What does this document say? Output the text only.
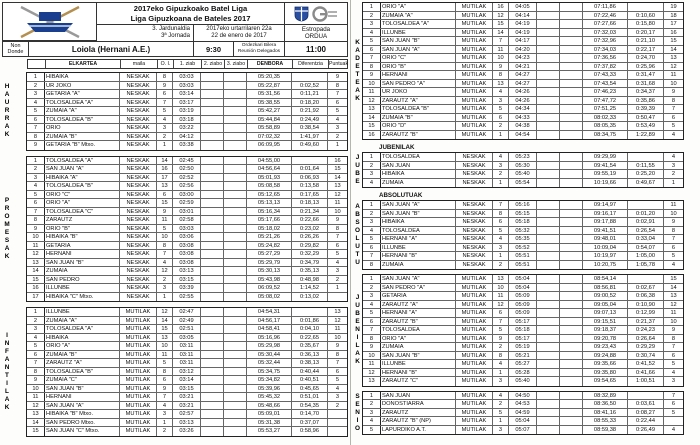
2017eko Gipuzkoako Batel Liga
Liga Gipuzkoana de Bateles 2017
3. Jardunaldia
3ª Jornada
2017eko urtarrilaren 22a
22 de enero de 2017
Estropada
ORDUA
Non
Donde	Loiola (Hernani A.E.)	9:30	Ordezkari Bilera
Reunión Delegados	11:00
ELKARTEA	maila	O. I.	1. ziab	2. ziabo 3. ziabo	DENBORA	Diferentzia	Puntuak
H
A
U
R
R
A
K
1	HIBAIKA	NESKAK	8	03:03	05:20,35	9
2	UR JOKO	NESKAK	9	03:03	05:22,87	0:02,52	8
3	GETARIA "A"	NESKAK	6	03:14	05:31,56	0:11,21	7
4	TOLOSALDEA "A"	NESKAK	7	03:17	05:38,55	0:18,20	6
5	ZUMAIA "A"	NESKAK	5	03:19	05:42,27	0:21,92	5
6	TOLOSALDEA "B"	NESKAK	4	03:18	05:44,84	0:24,49	4
7	ORIO	NESKAK	3	03:22	05:58,89	0:38,54	3
8	ZUMAIA "B"	NESKAK	2	04:12	07:02,32	1:41,97	2
9	GETARIA "B" Mtxo.	NESKAK	1	03:38	06:09,95	0:49,60	1
P
R
O
M
E
S
A
K
1	TOLOSALDEA "A"	NESKAK	14	02:45	04:55,00	16
2	SAN JUAN "A"	NESKAK	16	02:50	04:56,64	0:01,64	15
3	HIBAIKA "A"	NESKAK	17	02:52	05:01,93	0:06,93	14
4	TOLOSALDEA "B"	NESKAK	13	02:56	05:08,58	0:13,58	13
5	ORIO "C"	NESKAK	6	03:00	05:12,65	0:17,65	12
6	ORIO "A"	NESKAK	15	02:59	05:13,13	0:18,13	11
7	TOLOSALDEA "C"	NESKAK	9	03:01	05:16,34	0:21,34	10
8	ZARAUTZ	NESKAK	11	02:58	05:17,66	0:22,66	9
9	ORIO "B"	NESKAK	5	03:03	05:18,02	0:23,02	8
10	HIBAIKA "B"	NESKAK	10	03:06	05:21,26	0:26,26	7
11	GETARIA	NESKAK	8	03:08	05:24,82	0:29,82	6
12	HERNANI	NESKAK	7	03:08	05:27,29	0:32,29	5
13	SAN JUAN "B"	NESKAK	4	03:08	05:29,79	0:34,79	4
14	ZUMAIA	NESKAK	12	03:13	05:30,13	0:35,13	3
15	SAN PEDRO	NESKAK	2	03:15	05:43,98	0:48,98	2
16	ILLUNBE	NESKAK	3	03:39	06:09,52	1:14,52	1
17	HIBAIKA "C" Mtxo.	NESKAK	1	02:55	05:08,02	0:13,02
I
N
F
A
N
T
I
L
A
K
1	ILLUNBE	MUTILAK	12	02:47	04:54,31	13
2	ZUMAIA "A"	MUTILAK	14	02:49	04:56,17	0:01,86	12
3	TOLOSALDEA "A"	MUTILAK	15	02:51	04:58,41	0:04,10	11
4	HIBAIKA	MUTILAK	13	03:05	05:16,96	0:22,65	10
5	ORIO "A"	MUTILAK	10	03:11	05:29,98	0:35,67	9
6	ZUMAIA "B"	MUTILAK	11	03:11	05:30,44	0:36,13	8
7	ZARAUTZ "A"	MUTILAK	5	03:11	05:32,44	0:38,13	7
8	TOLOSALDEA "B"	MUTILAK	8	03:12	05:34,75	0:40,44	6
9	ZUMAIA "C"	MUTILAK	6	03:14	05:34,82	0:40,51	5
10	SAN JUAN "B"	MUTILAK	9	03:15	05:39,96	0:45,65	4
11	HERNANI	MUTILAK	7	03:21	05:45,32	0:51,01	3
12	SAN JUAN "A"	MUTILAK	4	03:21	05:48,66	0:54,35	2
13	HIBAIKA "B" Mtxo.	MUTILAK	3	02:57	05:09,01	0:14,70
14	SAN PEDRO Mtxo.	MUTILAK	1	03:13	05:31,38	0:37,07
15	SAN JUAN "C" Mtxo.	MUTILAK	2	03:26	05:53,27	0:58,96
K
A
D
E
T
E
A
K
1	ORIO "A"	MUTILAK	16	04:05	07:11,86	19
2	ZUMAIA "A"	MUTILAK	12	04:14	07:22,46	0:10,60	18
3	TOLOSALDEA "A"	MUTILAK	15	04:19	07:27,66	0:15,80	17
4	ILLUNBE	MUTILAK	14	04:19	07:32,03	0:20,17	16
5	SAN JUAN "B"	MUTILAK	7	04:17	07:32,96	0:21,10	15
6	SAN JUAN "A"	MUTILAK	11	04:20	07:34,03	0:22,17	14
7	ORIO "C"	MUTILAK	10	04:23	07:36,56	0:24,70	13
8	ORIO "B"	MUTILAK	9	04:21	07:37,82	0:25,96	12
9	HERNANI	MUTILAK	8	04:27	07:43,33	0:31,47	11
10	SAN PEDRO "A"	MUTILAK	13	04:27	07:43,54	0:31,68	10
11	UR JOKO	MUTILAK	4	04:26	07:46,23	0:34,37	9
12	ZARAUTZ "A"	MUTILAK	3	04:26	07:47,72	0:35,86	8
13	TOLOSALDEA "B"	MUTILAK	5	04:34	07:51,25	0:39,39	7
14	ZUMAIA "B"	MUTILAK	6	04:33	08:02,33	0:50,47	6
15	ORIO "D"	MUTILAK	2	04:38	08:05,35	0:53,49	5
16	ZARAUTZ "B"	MUTILAK	1	04:54	08:34,75	1:22,89	4
JUBENILAK
J
U
B
E
1	TOLOSALDEA	NESKAK	4	05:23	09:29,99	4
2	SAN JUAN	NESKAK	3	05:30	09:41,54	0:11,55	3
3	HIBAIKA	NESKAK	2	05:40	09:55,19	0:25,20	2
4	ZUMAIA	NESKAK	1	05:54	10:19,66	0:49,67	1
ABSOLUTUAK
A
B
S
O
L
U
T
U
1	SAN JUAN "A"	NESKAK	7	05:16	09:14,97	11
2	SAN JUAN "B"	NESKAK	8	05:15	09:16,17	0:01,20	10
3	HIBAIKA	NESKAK	6	05:18	09:17,88	0:02,91	9
4	TOLOSALDEA	NESKAK	5	05:32	09:41,51	0:26,54	8
5	HERNANI "A"	NESKAK	4	05:35	09:48,01	0:33,04	7
6	ILLUNBE	NESKAK	3	05:52	10:09,04	0:54,07	6
7	HERNANI "B"	NESKAK	1	05:51	10:19,97	1:05,00	5
8	ZUMAIA	NESKAK	2	05:51	10:20,75	1:05,78	4
J
U
B
E
N
I
L
A
K
1	SAN JUAN "A"	MUTILAK	13	05:04	08:54,14	15
2	SAN PEDRO "A"	MUTILAK	10	05:04	08:56,81	0:02,67	14
3	GETARIA	MUTILAK	11	05:09	09:00,52	0:06,38	13
4	ZARAUTZ "A"	MUTILAK	12	05:09	09:05,04	0:10,90	12
5	HERNANI "A"	MUTILAK	6	05:09	09:07,13	0:12,99	11
6	ZARAUTZ "B"	MUTILAK	7	05:17	09:15,51	0:21,37	10
7	TOLOSALDEA	MUTILAK	5	05:18	09:18,37	0:24,23	9
8	ORIO "A"	MUTILAK	9	05:17	09:20,78	0:26,64	8
9	ZUMAIA	MUTILAK	2	05:19	09:23,43	0:29,29	7
10	SAN JUAN "B"	MUTILAK	8	05:21	09:24,88	0:30,74	6
11	ILLUNBE	MUTILAK	4	05:27	09:35,66	0:41,52	5
12	HERNANI "B"	MUTILAK	1	05:28	09:35,80	0:41,66	4
13	ZARAUTZ "C"	MUTILAK	3	05:40	09:54,65	1:00,51	3
S
E
N
I
O
1	SAN JUAN	MUTILAK	4	04:50	08:32,89	7
2	DONOSTIARRA	MUTILAK	2	04:53	08:36,50	0:03,61	6
3	ZARAUTZ	MUTILAK	5	04:59	08:41,16	0:08,27	5
4	ZARAUTZ "B" (NP)	MUTILAK	1	05:04	08:55,33	0:22,44
5	LAPURDIKO A.T.	MUTILAK	3	05:07	08:59,38	0:26,49	4
